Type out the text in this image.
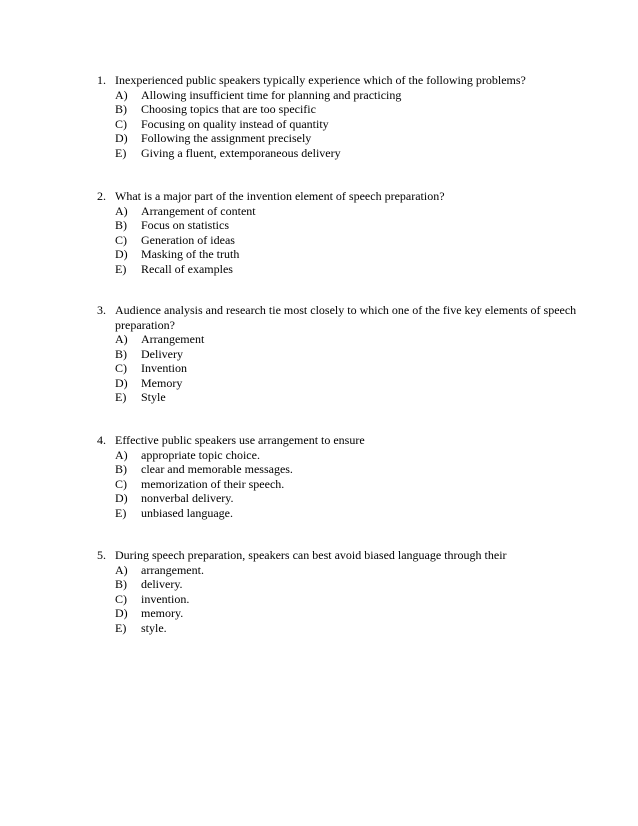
1. Inexperienced public speakers typically experience which of the following problems?

A) Allowing insufficient time for planning and practicing
B) Choosing topics that are too specific
C) Focusing on quality instead of quantity
D) Following the assignment precisely
E) Giving a fluent, extemporaneous delivery

2. What is a major part of the invention element of speech preparation?

A) Arrangement of content
B) Focus on statistics
C) Generation of ideas
D) Masking of the truth
E) Recall of examples

3. Audience analysis and research tie most closely to which one of the five key elements of speech preparation?

A) Arrangement
B) Delivery
C) Invention
D) Memory
E) Style

4. Effective public speakers use arrangement to ensure

A) appropriate topic choice.
B) clear and memorable messages.
C) memorization of their speech.
D) nonverbal delivery.
E) unbiased language.

5. During speech preparation, speakers can best avoid biased language through their

A) arrangement.
B) delivery.
C) invention.
D) memory.
E) style.
